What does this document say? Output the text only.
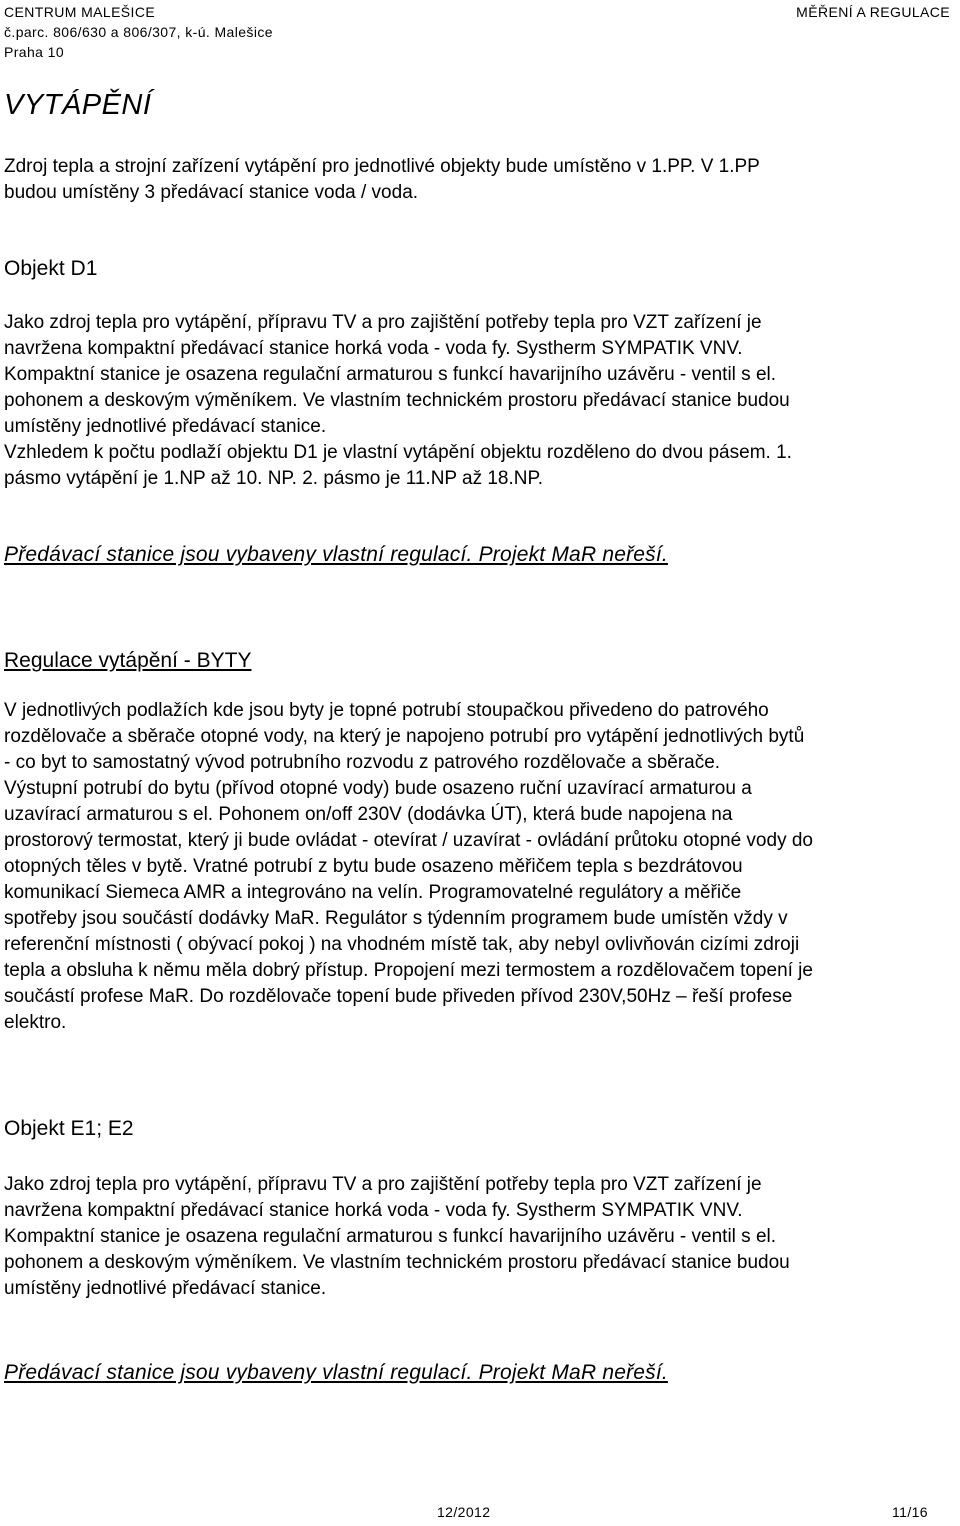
CENTRUM MALEŠICE
č.parc. 806/630 a 806/307, k-ú. Malešice
Praha 10
MĚŘENÍ A REGULACE
VYTÁPĚNÍ

Zdroj tepla a strojní zařízení vytápění pro jednotlivé objekty bude umístěno v 1.PP. V 1.PP

budou umístěny 3 předávací stanice voda / voda.

Objekt D1

Jako zdroj tepla pro vytápění, přípravu TV a pro zajištění potřeby tepla pro VZT zařízení je

navržena kompaktní předávací stanice horká voda - voda fy. Systherm SYMPATIK VNV.

Kompaktní stanice je osazena regulační armaturou s funkcí havarijního uzávěru - ventil s el.

pohonem a deskovým výměníkem. Ve vlastním technickém prostoru předávací stanice budou

umístěny jednotlivé předávací stanice.

Vzhledem k počtu podlaží objektu D1 je vlastní vytápění objektu rozděleno do dvou pásem. 1.

pásmo vytápění je 1.NP až 10. NP. 2. pásmo je 11.NP až 18.NP.

Předávací stanice jsou vybaveny vlastní regulací. Projekt MaR neřeší.
Regulace vytápění - BYTY

V jednotlivých podlažích kde jsou byty je topné potrubí stoupačkou přivedeno do patrového

rozdělovače a sběrače otopné vody, na který je napojeno potrubí pro vytápění jednotlivých bytů

- co byt to samostatný vývod potrubního rozvodu z patrového rozdělovače a sběrače.

Výstupní potrubí do bytu (přívod otopné vody) bude osazeno ruční uzavírací armaturou a

uzavírací armaturou s el. Pohonem on/off 230V (dodávka ÚT), která bude napojena na

prostorový termostat, který ji bude ovládat - otevírat / uzavírat - ovládání průtoku otopné vody do

otopných těles v bytě. Vratné potrubí z bytu bude osazeno měřičem tepla s bezdrátovou

komunikací Siemeca AMR a integrováno na velín. Programovatelné regulátory a měřiče

spotřeby jsou součástí dodávky MaR. Regulátor s týdenním programem bude umístěn vždy v

referenční místnosti ( obývací pokoj ) na vhodném místě tak, aby nebyl ovlivňován cizími zdroji

tepla a obsluha k němu měla dobrý přístup. Propojení mezi termostem a rozdělovačem topení je

součástí profese MaR. Do rozdělovače topení bude přiveden přívod 230V,50Hz – řeší profese

elektro.

Objekt E1; E2

Jako zdroj tepla pro vytápění, přípravu TV a pro zajištění potřeby tepla pro VZT zařízení je

navržena kompaktní předávací stanice horká voda - voda fy. Systherm SYMPATIK VNV.

Kompaktní stanice je osazena regulační armaturou s funkcí havarijního uzávěru - ventil s el.

pohonem a deskovým výměníkem. Ve vlastním technickém prostoru předávací stanice budou

umístěny jednotlivé předávací stanice.

Předávací stanice jsou vybaveny vlastní regulací. Projekt MaR neřeší.
12/2012	11/16
